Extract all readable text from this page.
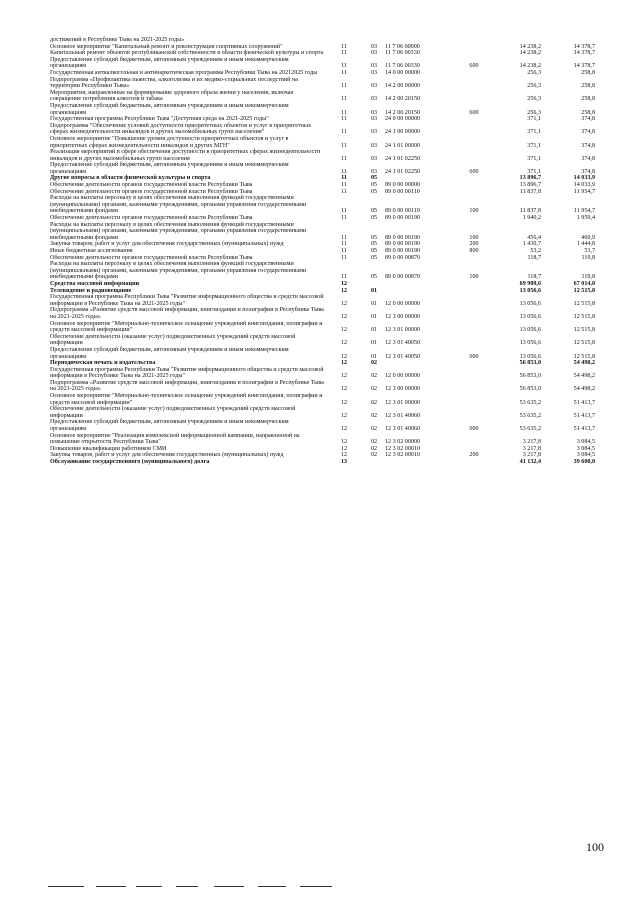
достижений в Республике Тыва на 2021-2025 годы»						
Основное мероприятие "Капитальный ремонт и реконструкция спортивных сооружений"	11	03	11 7 06 00000		14 238,2	14 378,7
Капитальный ремонт объектов республиканской собственности в области физической культуры и спорта	11	03	11 7 06 00330		14 238,2	14 378,7
Предоставление субсидий бюджетным, автономным учреждениям и иным некоммерческим организациям	11	03	11 7 06 00330	600	14 238,2	14 378,7
Государственная антиалкогольная и антинаркотическая программа Республики Тыва на 20212025 годы	11	03	14 0 00 00000		256,3	258,8
Подпрограмма «Профилактика пьянства, алкоголизма и их медико-социальных последствий на территории Республики Тыва»	11	03	14 2 00 00000		256,3	258,8
Мероприятия, направленные на формирование здорового образа жизни у населения, включая сокращение потребления алкоголя и табака	11	03	14 2 00 20150		256,3	258,8
Предоставление субсидий бюджетным, автономным учреждениям и иным некоммерческим организациям	11	03	14 2 00 20150	600	256,3	258,8
Государственная программа Республики Тыва "Доступная среда на 2021-2025 годы"	11	03	24 0 00 00000		371,1	374,8
Подпрограмма "Обеспечение условий доступности приоритетных объектов и услуг в приоритетных сферах жизнедеятельности инвалидов и других маломобильных групп населения"	11	03	24 1 00 00000		371,1	374,8
Основное мероприятие "Повышение уровня доступности приоритетных объектов и услуг в приоритетных сферах жизнедеятельности инвалидов и других МГН"	11	03	24 1 01 00000		371,1	374,8
Реализация мероприятий в сфере обеспечения доступности в приоритетных сферах жизнедеятельности инвалидов и других маломобильных групп населения	11	03	24 1 01 02250		371,1	374,8
Предоставление субсидий бюджетным, автономным учреждениям и иным некоммерческим организациям	11	03	24 1 01 02250	600	371,1	374,8
Другие вопросы в области физической культуры и спорта	11	05			13 896,7	14 033,9
Обеспечение деятельности органов государственной власти Республики Тыва	11	05	89 0 00 00000		13 896,7	14 033,9
Обеспечение деятельности органов государственной власти Республики Тыва	11	05	89 0 00 00110		11 837,8	11 954,7
Расходы на выплаты персоналу в целях обеспечения выполнения функций государственными (муниципальными) органами, казенными учреждениями, органами управления государственными внебюджетными фондами	11	05	89 0 00 00110	100	11 837,8	11 954,7
Обеспечение деятельности органов государственной власти Республики Тыва	11	05	89 0 00 00190		1 940,2	1 959,4
Расходы на выплаты персоналу в целях обеспечения выполнения функций государственными (муниципальными) органами, казенными учреждениями, органами управления государственными внебюджетными фондами	11	05	89 0 00 00190	100	456,4	460,9
Закупка товаров, работ и услуг для обеспечения государственных (муниципальных) нужд	11	05	89 0 00 00190	200	1 430,7	1 444,8
Иные бюджетные ассигнования	11	05	89 0 00 00190	800	53,2	53,7
Обеспечение деятельности органов государственной власти Республики Тыва	11	05	89 0 00 00870		118,7	119,8
Расходы на выплаты персоналу в целях обеспечения выполнения функций государственными (муниципальными) органами, казенными учреждениями, органами управления государственными внебюджетными фондами	11	05	89 0 00 00870	100	118,7	119,8
Средства массовой информации	12				69 909,6	67 014,0
Телевидение и радиовещание	12	01			13 056,6	12 515,8
Государственная программа Республики Тыва "Развитие информационного общества и средств массовой информации в Республике Тыва на 2021-2025 годы"	12	01	12 0 00 00000		13 056,6	12 515,8
Подпрограмма «Развитие средств массовой информации, книгоиздания и полиграфии в Республике Тыва на 2021-2025 годы»	12	01	12 3 00 00000		13 056,6	12 515,8
Основное мероприятие "Материально-техническое оснащение учреждений книгоиздания, полиграфии и средств массовой информации"	12	01	12 3 01 00000		13 056,6	12 515,8
Обеспечение деятельности (оказание услуг) подведомственных учреждений средств массовой информации	12	01	12 3 01 40050		13 056,6	12 515,8
Предоставление субсидий бюджетным, автономным учреждениям и иным некоммерческим организациям	12	01	12 3 01 40050	600	13 056,6	12 515,8
Периодическая печать и издательства	12	02			56 853,0	54 498,2
Государственная программа Республики Тыва "Развитие информационного общества и средств массовой информации в Республике Тыва на 2021-2025 годы"	12	02	12 0 00 00000		56 853,0	54 498,2
Подпрограмма «Развитие средств массовой информации, книгоиздания и полиграфии в Республике Тыва на 2021-2025 годы»	12	02	12 3 00 00000		56 853,0	54 498,2
Основное мероприятие "Материально-техническое оснащение учреждений книгоиздания, полиграфии и средств массовой информации"	12	02	12 3 01 00000		53 635,2	51 413,7
Обеспечение деятельности (оказание услуг) подведомственных учреждений средств массовой информации	12	02	12 3 01 40060		53 635,2	51 413,7
Предоставление субсидий бюджетным, автономным учреждениям и иным некоммерческим организациям	12	02	12 3 01 40060	600	53 635,2	51 413,7
Основное мероприятие "Реализация комплексной информационной кампании, направленной на повышение открытости Республики Тыва"	12	02	12 3 02 00000		3 217,8	3 084,5
Повышение квалификации работников СМИ	12	02	12 3 02 00010		3 217,8	3 084,5
Закупка товаров, работ и услуг для обеспечения государственных (муниципальных) нужд	12	02	12 3 02 00010	200	3 217,8	3 084,5
Обслуживание государственного (муниципального) долга	13				41 132,4	39 608,0
100
